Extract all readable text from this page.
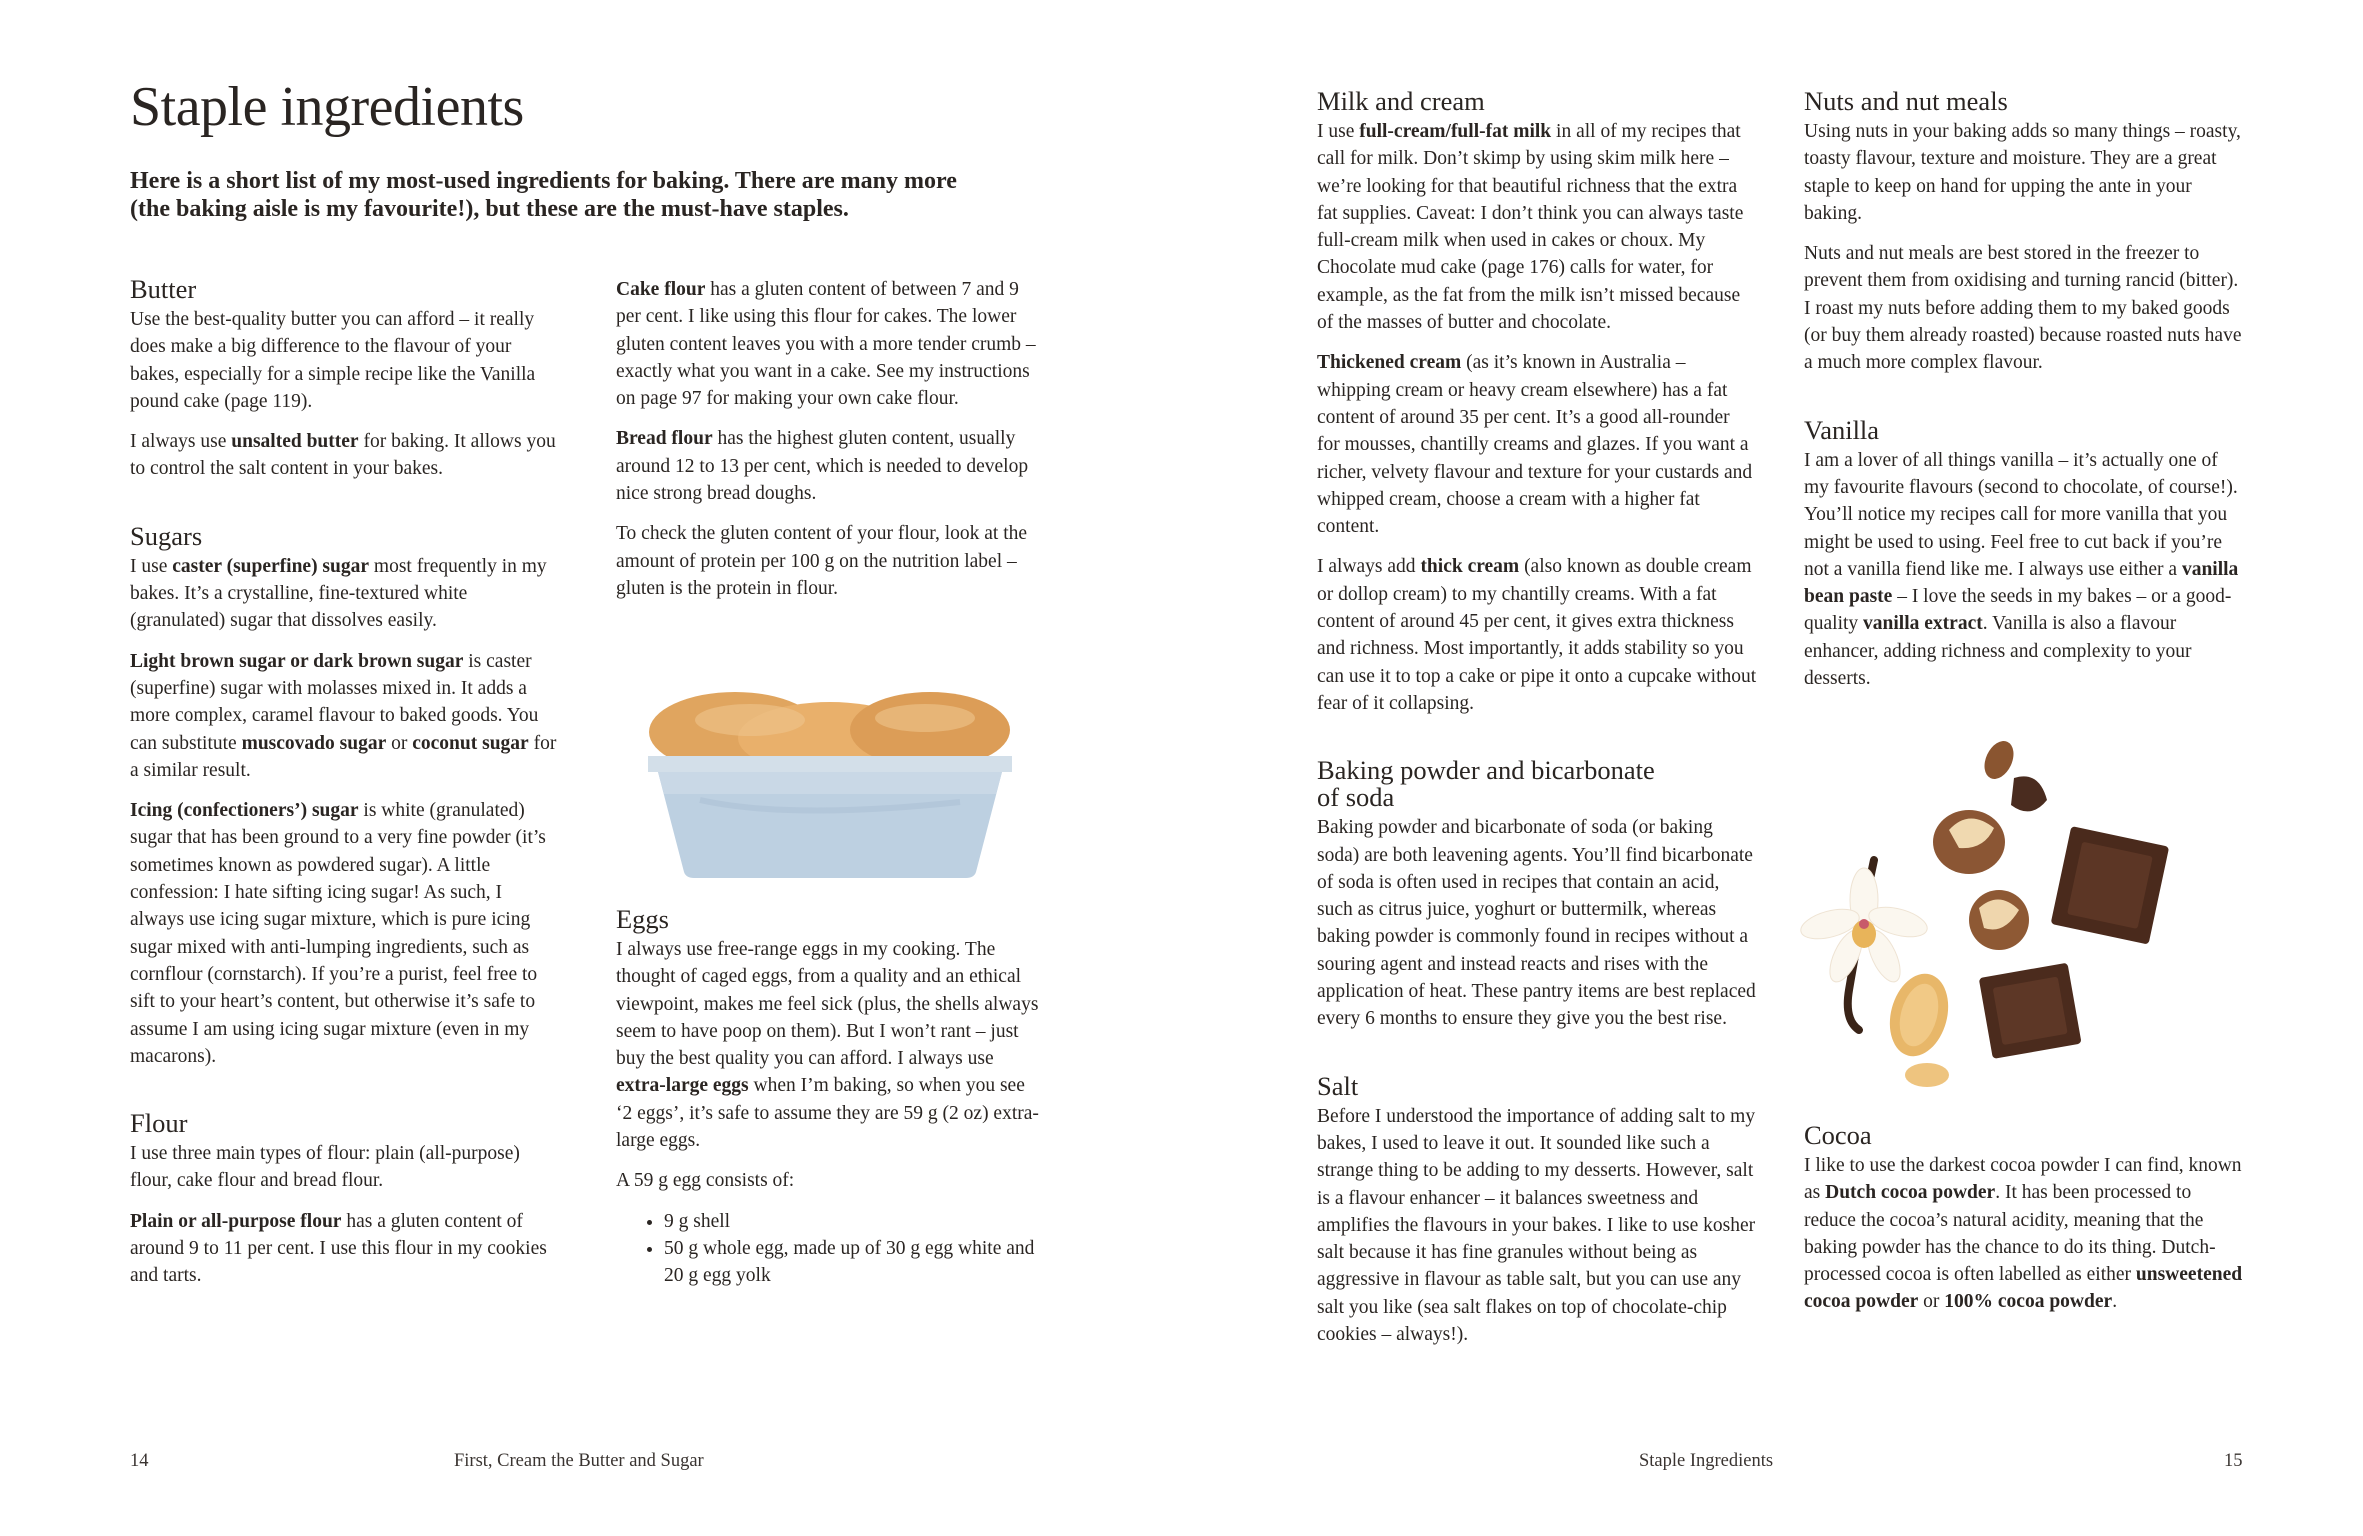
Staple ingredients

Here is a short list of my most-used ingredients for baking. There are many more (the baking aisle is my favourite!), but these are the must-have staples.

Butter

Use the best-quality butter you can afford – it really does make a big difference to the flavour of your bakes, especially for a simple recipe like the Vanilla pound cake (page 119).

I always use unsalted butter for baking. It allows you to control the salt content in your bakes.

Sugars

I use caster (superfine) sugar most frequently in my bakes. It’s a crystalline, fine-textured white (granulated) sugar that dissolves easily.

Light brown sugar or dark brown sugar is caster (superfine) sugar with molasses mixed in. It adds a more complex, caramel flavour to baked goods. You can substitute muscovado sugar or coconut sugar for a similar result.

Icing (confectioners’) sugar is white (granulated) sugar that has been ground to a very fine powder (it’s sometimes known as powdered sugar). A little confession: I hate sifting icing sugar! As such, I always use icing sugar mixture, which is pure icing sugar mixed with anti-lumping ingredients, such as cornflour (cornstarch). If you’re a purist, feel free to sift to your heart’s content, but otherwise it’s safe to assume I am using icing sugar mixture (even in my macarons).

Flour

I use three main types of flour: plain (all-purpose) flour, cake flour and bread flour.

Plain or all-purpose flour has a gluten content of around 9 to 11 per cent. I use this flour in my cookies and tarts.

Cake flour has a gluten content of between 7 and 9 per cent. I like using this flour for cakes. The lower gluten content leaves you with a more tender crumb – exactly what you want in a cake. See my instructions on page 97 for making your own cake flour.

Bread flour has the highest gluten content, usually around 12 to 13 per cent, which is needed to develop nice strong bread doughs.

To check the gluten content of your flour, look at the amount of protein per 100 g on the nutrition label – gluten is the protein in flour.

Eggs

I always use free-range eggs in my cooking. The thought of caged eggs, from a quality and an ethical viewpoint, makes me feel sick (plus, the shells always seem to have poop on them). But I won’t rant – just buy the best quality you can afford. I always use extra-large eggs when I’m baking, so when you see ‘2 eggs’, it’s safe to assume they are 59 g (2 oz) extra-large eggs.

A 59 g egg consists of:

• 9 g shell
• 50 g whole egg, made up of 30 g egg white and 20 g egg yolk
14	First, Cream the Butter and Sugar
Milk and cream

I use full-cream/full-fat milk in all of my recipes that call for milk. Don’t skimp by using skim milk here – we’re looking for that beautiful richness that the extra fat supplies. Caveat: I don’t think you can always taste full-cream milk when used in cakes or choux. My Chocolate mud cake (page 176) calls for water, for example, as the fat from the milk isn’t missed because of the masses of butter and chocolate.

Thickened cream (as it’s known in Australia – whipping cream or heavy cream elsewhere) has a fat content of around 35 per cent. It’s a good all-rounder for mousses, chantilly creams and glazes. If you want a richer, velvety flavour and texture for your custards and whipped cream, choose a cream with a higher fat content.

I always add thick cream (also known as double cream or dollop cream) to my chantilly creams. With a fat content of around 45 per cent, it gives extra thickness and richness. Most importantly, it adds stability so you can use it to top a cake or pipe it onto a cupcake without fear of it collapsing.

Baking powder and bicarbonate
of soda

Baking powder and bicarbonate of soda (or baking soda) are both leavening agents. You’ll find bicarbonate of soda is often used in recipes that contain an acid, such as citrus juice, yoghurt or buttermilk, whereas baking powder is commonly found in recipes without a souring agent and instead reacts and rises with the application of heat. These pantry items are best replaced every 6 months to ensure they give you the best rise.

Salt

Before I understood the importance of adding salt to my bakes, I used to leave it out. It sounded like such a strange thing to be adding to my desserts. However, salt is a flavour enhancer – it balances sweetness and amplifies the flavours in your bakes. I like to use kosher salt because it has fine granules without being as aggressive in flavour as table salt, but you can use any salt you like (sea salt flakes on top of chocolate-chip cookies – always!).

Nuts and nut meals

Using nuts in your baking adds so many things – roasty, toasty flavour, texture and moisture. They are a great staple to keep on hand for upping the ante in your baking.

Nuts and nut meals are best stored in the freezer to prevent them from oxidising and turning rancid (bitter). I roast my nuts before adding them to my baked goods (or buy them already roasted) because roasted nuts have a much more complex flavour.

Vanilla

I am a lover of all things vanilla – it’s actually one of my favourite flavours (second to chocolate, of course!). You’ll notice my recipes call for more vanilla that you might be used to using. Feel free to cut back if you’re not a vanilla fiend like me. I always use either a vanilla bean paste – I love the seeds in my bakes – or a good-quality vanilla extract. Vanilla is also a flavour enhancer, adding richness and complexity to your desserts.

Cocoa

I like to use the darkest cocoa powder I can find, known as Dutch cocoa powder. It has been processed to reduce the cocoa’s natural acidity, meaning that the baking powder has the chance to do its thing. Dutch-processed cocoa is often labelled as either unsweetened cocoa powder or 100% cocoa powder.

Staple Ingredients	15
